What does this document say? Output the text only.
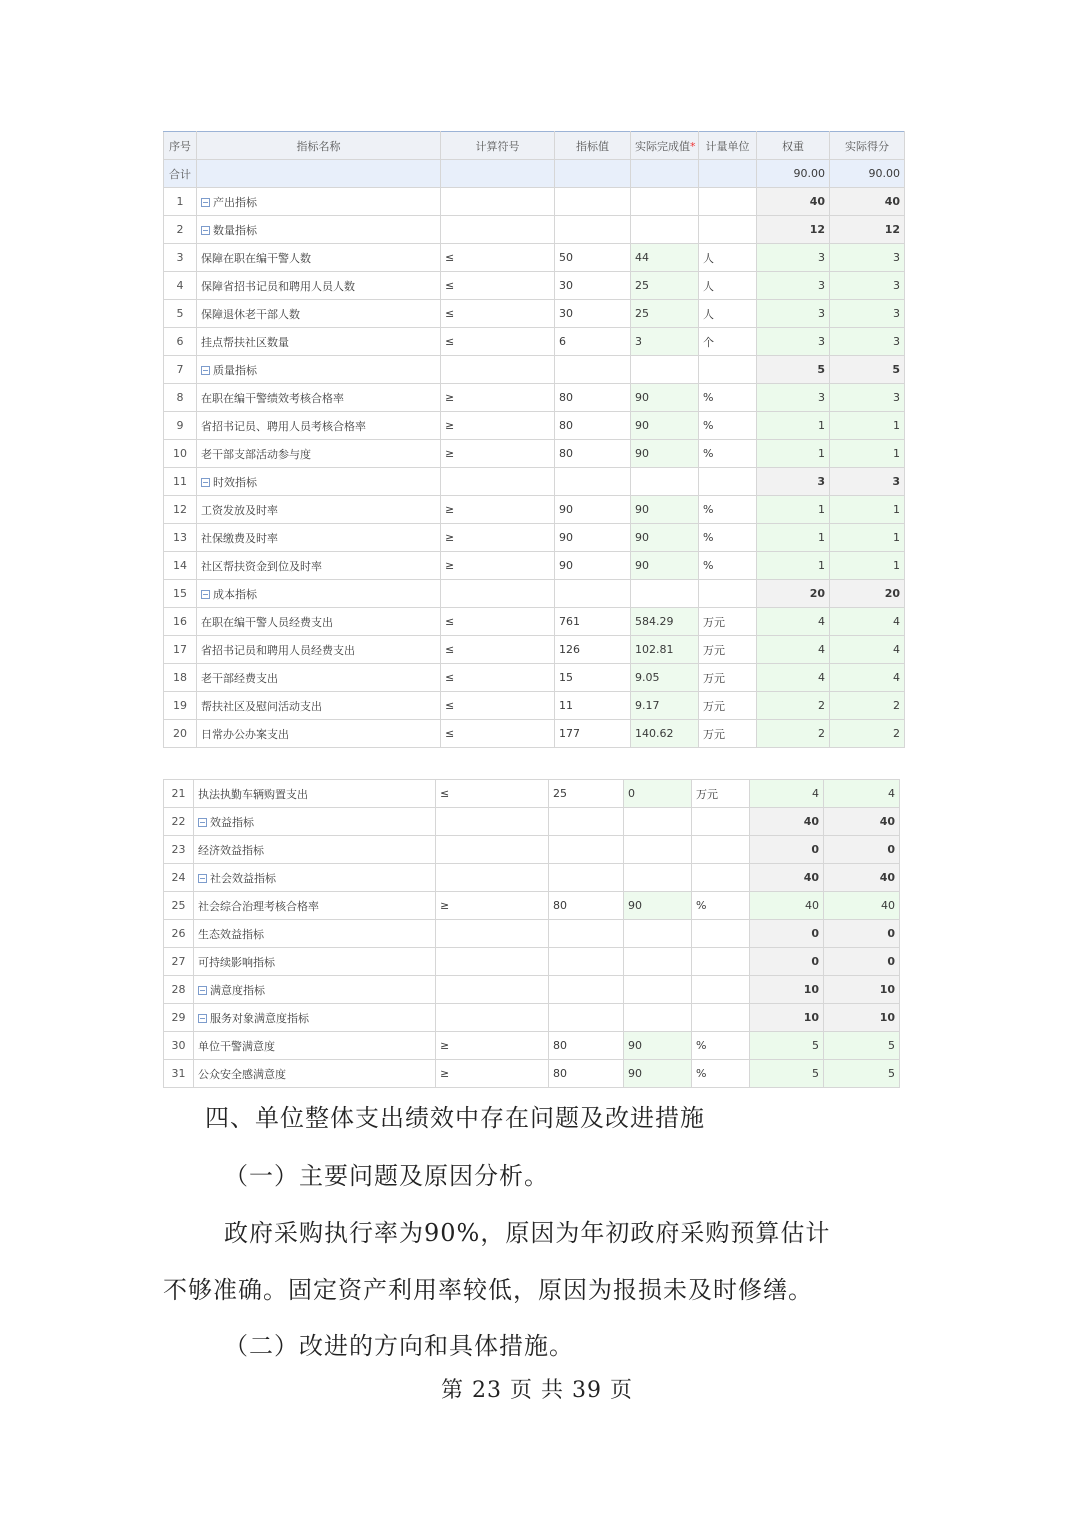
序号	指标名称	计算符号	指标值	实际完成值*	计量单位	权重	实际得分
合计						90.00	90.00
1	产出指标					40	40
2	数量指标					12	12
3	保障在职在编干警人数	≤	50	44	人	3	3
4	保障省招书记员和聘用人员人数	≤	30	25	人	3	3
5	保障退休老干部人数	≤	30	25	人	3	3
6	挂点帮扶社区数量	≤	6	3	个	3	3
7	质量指标					5	5
8	在职在编干警绩效考核合格率	≥	80	90	%	3	3
9	省招书记员、聘用人员考核合格率	≥	80	90	%	1	1
10	老干部支部活动参与度	≥	80	90	%	1	1
11	时效指标					3	3
12	工资发放及时率	≥	90	90	%	1	1
13	社保缴费及时率	≥	90	90	%	1	1
14	社区帮扶资金到位及时率	≥	90	90	%	1	1
15	成本指标					20	20
16	在职在编干警人员经费支出	≤	761	584.29	万元	4	4
17	省招书记员和聘用人员经费支出	≤	126	102.81	万元	4	4
18	老干部经费支出	≤	15	9.05	万元	4	4
19	帮扶社区及慰问活动支出	≤	11	9.17	万元	2	2
20	日常办公办案支出	≤	177	140.62	万元	2	2
21	执法执勤车辆购置支出	≤	25	0	万元	4	4
22	效益指标					40	40
23	经济效益指标					0	0
24	社会效益指标					40	40
25	社会综合治理考核合格率	≥	80	90	%	40	40
26	生态效益指标					0	0
27	可持续影响指标					0	0
28	满意度指标					10	10
29	服务对象满意度指标					10	10
30	单位干警满意度	≥	80	90	%	5	5
31	公众安全感满意度	≥	80	90	%	5	5
四、单位整体支出绩效中存在问题及改进措施
（一）主要问题及原因分析。
政府采购执行率为90%，原因为年初政府采购预算估计
不够准确。固定资产利用率较低，原因为报损未及时修缮。
（二）改进的方向和具体措施。
第 23 页 共 39 页
